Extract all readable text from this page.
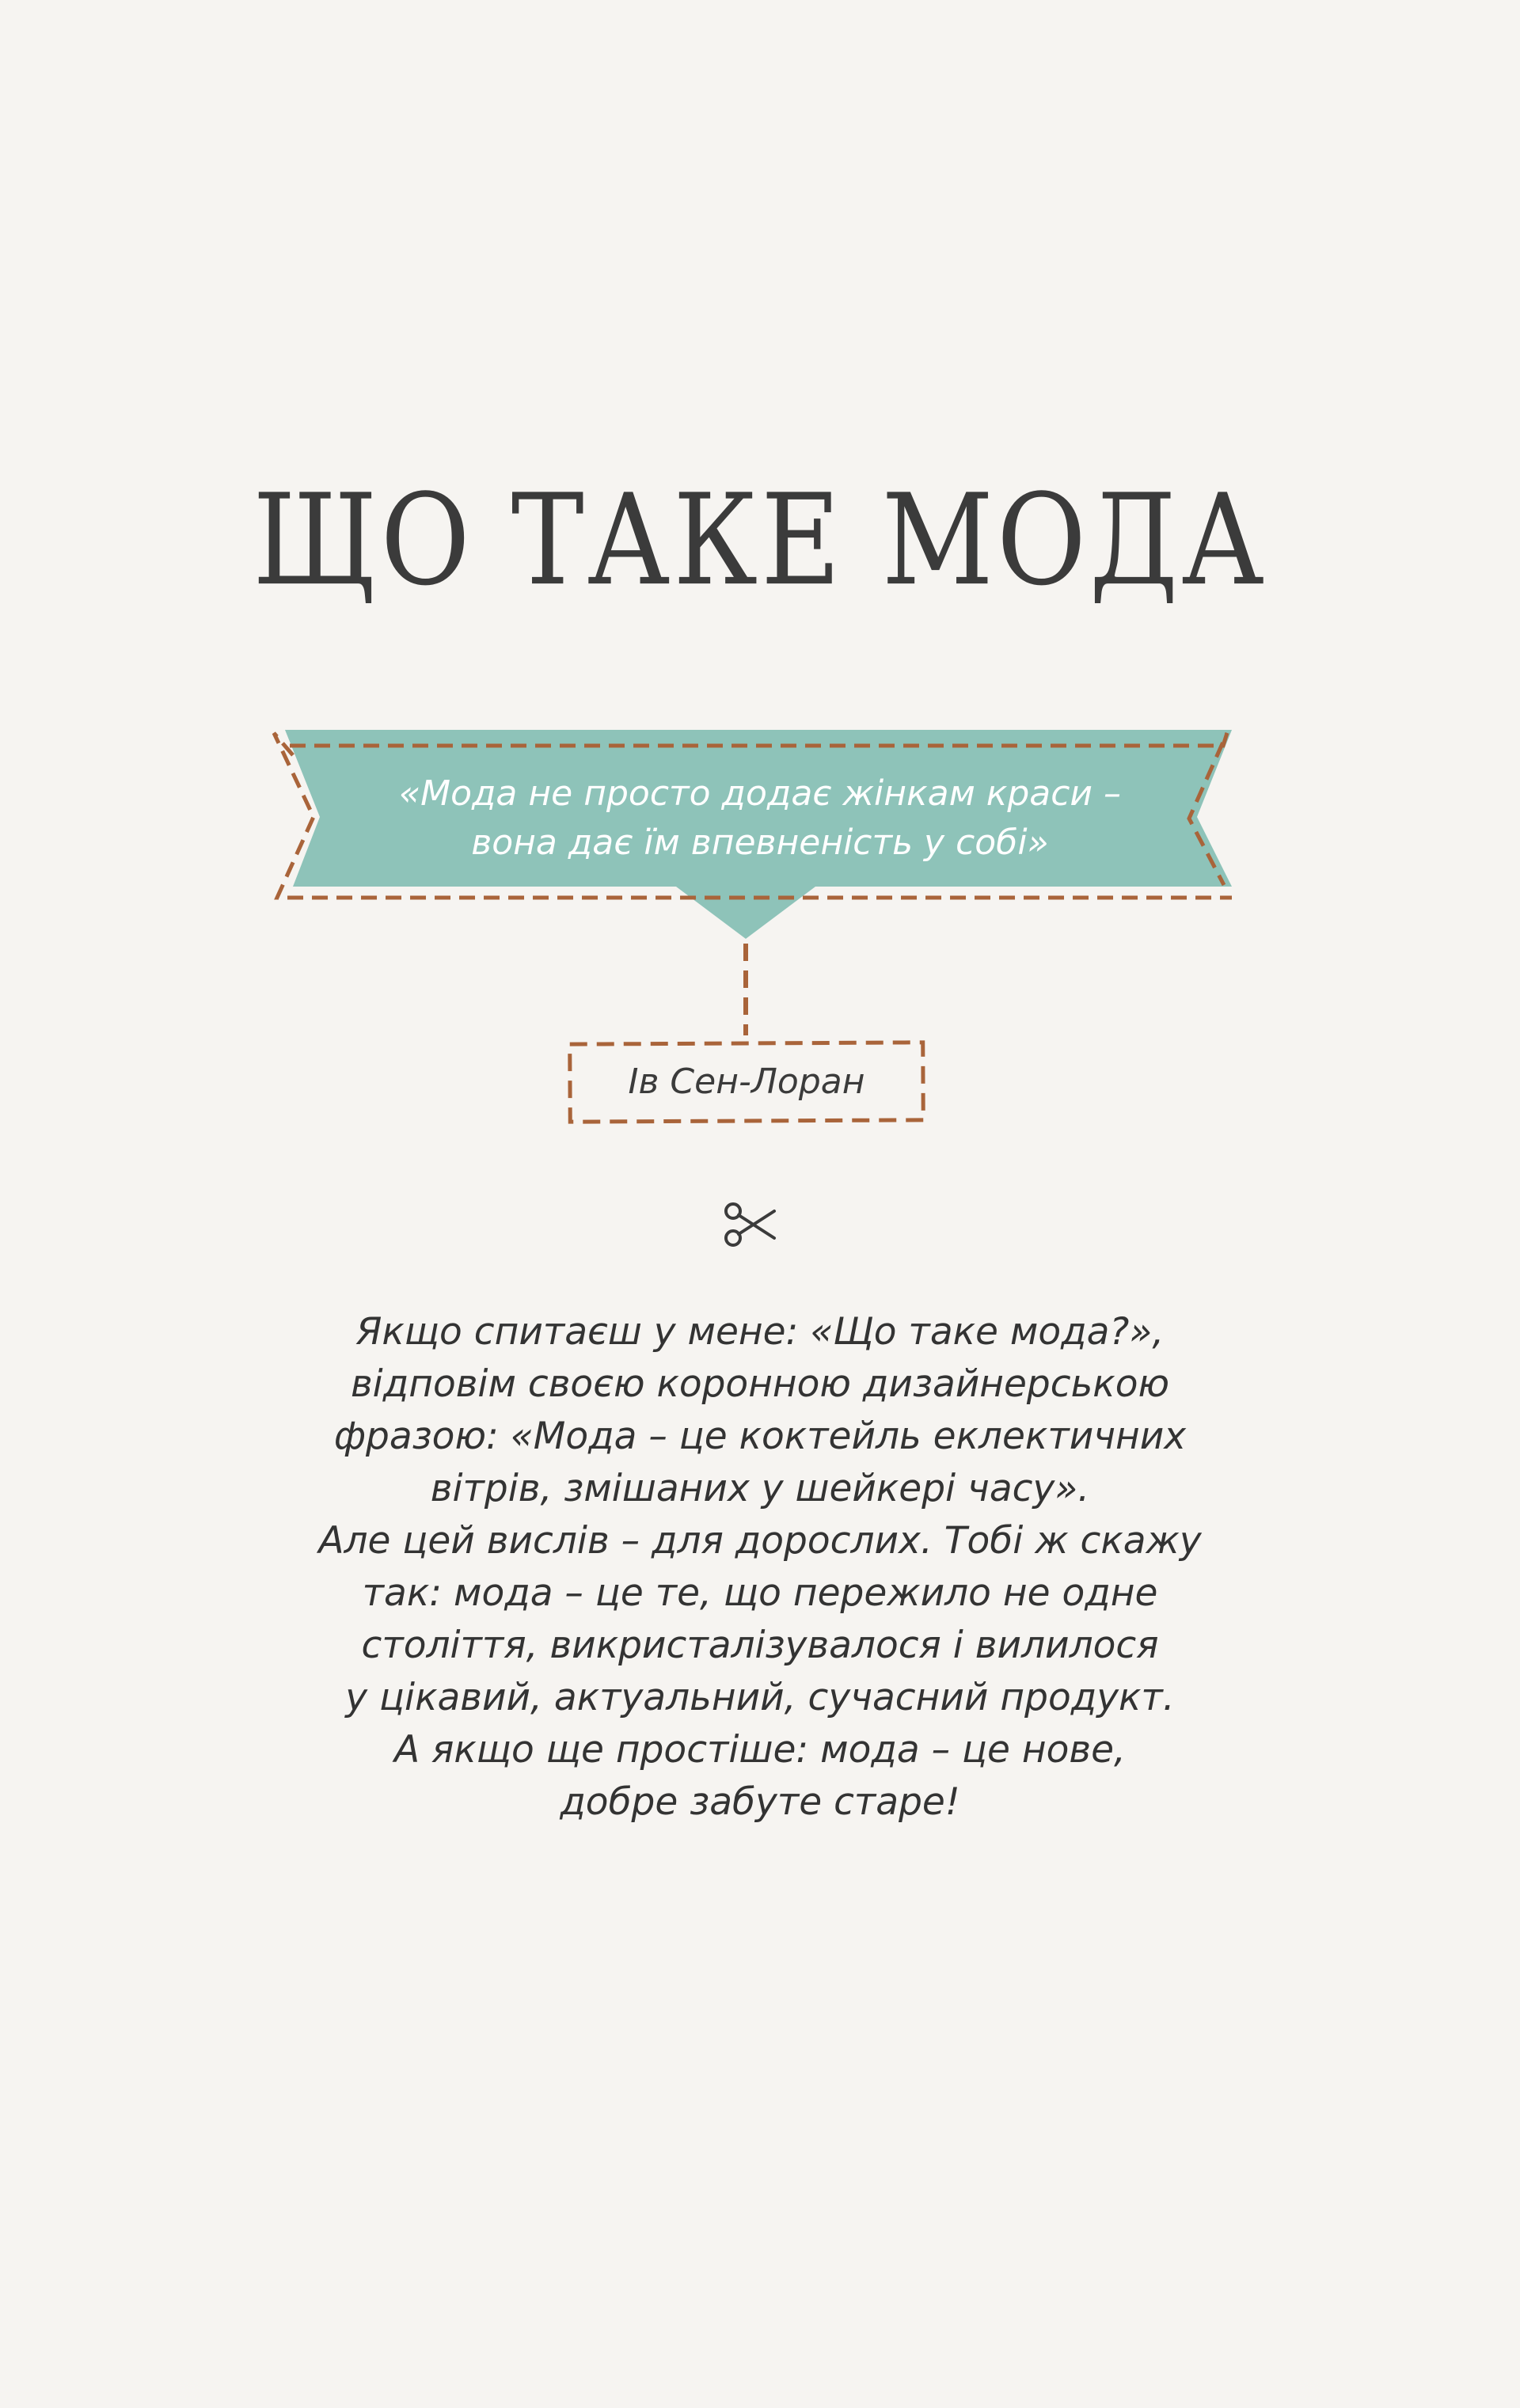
ЩО ТАКЕ МОДА
«Мода не просто додає жінкам краси –
вона дає їм впевненість у собі»
Ів Сен-Лоран
Якщо спитаєш у мене: «Що таке мода?»,
відповім своєю коронною дизайнерською
фразою: «Мода – це коктейль еклектичних
вітрів, змішаних у шейкері часу».
Але цей вислів – для дорослих. Тобі ж скажу
так: мода – це те, що пережило не одне
століття, викристалізувалося і вилилося
у цікавий, актуальний, сучасний продукт.
А якщо ще простіше: мода – це нове,
добре забуте старе!
